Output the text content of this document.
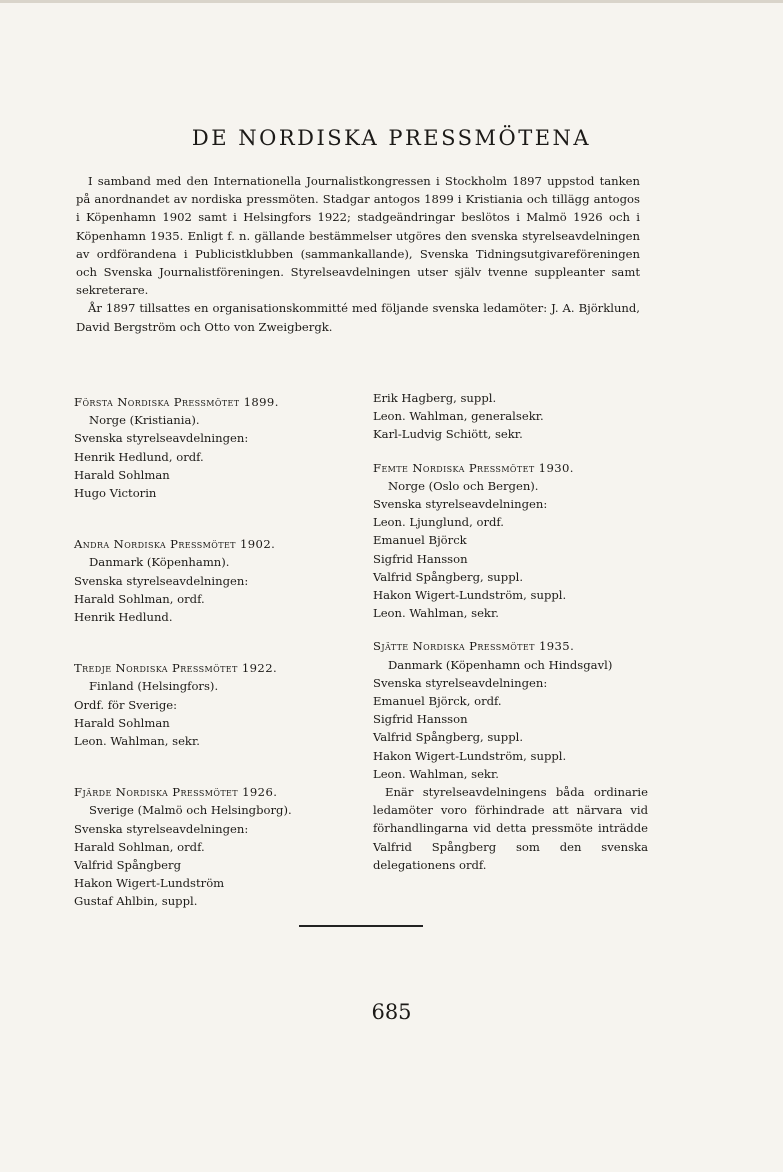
DE NORDISKA PRESSMÖTENA

I samband med den Internationella Journalistkongressen i Stockholm 1897 uppstod tanken på anordnandet av nordiska pressmöten. Stadgar antogos 1899 i Kristiania och tillägg antogos i Köpenhamn 1902 samt i Helsingfors 1922; stadgeändringar beslötos i Malmö 1926 och i Köpenhamn 1935. Enligt f. n. gällande bestämmelser utgöres den svenska styrelseavdelningen av ordförandena i Publicistklubben (sammankallande), Svenska Tidningsutgivareföreningen och Svenska Journalistföreningen. Styrelseavdelningen utser själv tvenne suppleanter samt sekreterare.

År 1897 tillsattes en organisationskommitté med följande svenska ledamöter: J. A. Björklund, David Bergström och Otto von Zweigbergk.

Första Nordiska Pressmötet 1899.
Norge (Kristiania).
Svenska styrelseavdelningen:
Henrik Hedlund, ordf.
Harald Sohlman
Hugo Victorin
Andra Nordiska Pressmötet 1902.
Danmark (Köpenhamn).
Svenska styrelseavdelningen:
Harald Sohlman, ordf.
Henrik Hedlund.
Tredje Nordiska Pressmötet 1922.
Finland (Helsingfors).
Ordf. för Sverige:
Harald Sohlman
Leon. Wahlman, sekr.
Fjärde Nordiska Pressmötet 1926.
Sverige (Malmö och Helsingborg).
Svenska styrelseavdelningen:
Harald Sohlman, ordf.
Valfrid Spångberg
Hakon Wigert-Lundström
Gustaf Ahlbin, suppl.
Erik Hagberg, suppl.
Leon. Wahlman, generalsekr.
Karl-Ludvig Schiött, sekr.
Femte Nordiska Pressmötet 1930.
Norge (Oslo och Bergen).
Svenska styrelseavdelningen:
Leon. Ljunglund, ordf.
Emanuel Björck
Sigfrid Hansson
Valfrid Spångberg, suppl.
Hakon Wigert-Lundström, suppl.
Leon. Wahlman, sekr.
Sjätte Nordiska Pressmötet 1935.
Danmark (Köpenhamn och Hindsgavl)
Svenska styrelseavdelningen:
Emanuel Björck, ordf.
Sigfrid Hansson
Valfrid Spångberg, suppl.
Hakon Wigert-Lundström, suppl.
Leon. Wahlman, sekr.
Enär styrelseavdelningens båda ordinarie ledamöter voro förhindrade att närvara vid förhandlingarna vid detta pressmöte inträdde Valfrid Spångberg som den svenska delegationens ordf.
685
